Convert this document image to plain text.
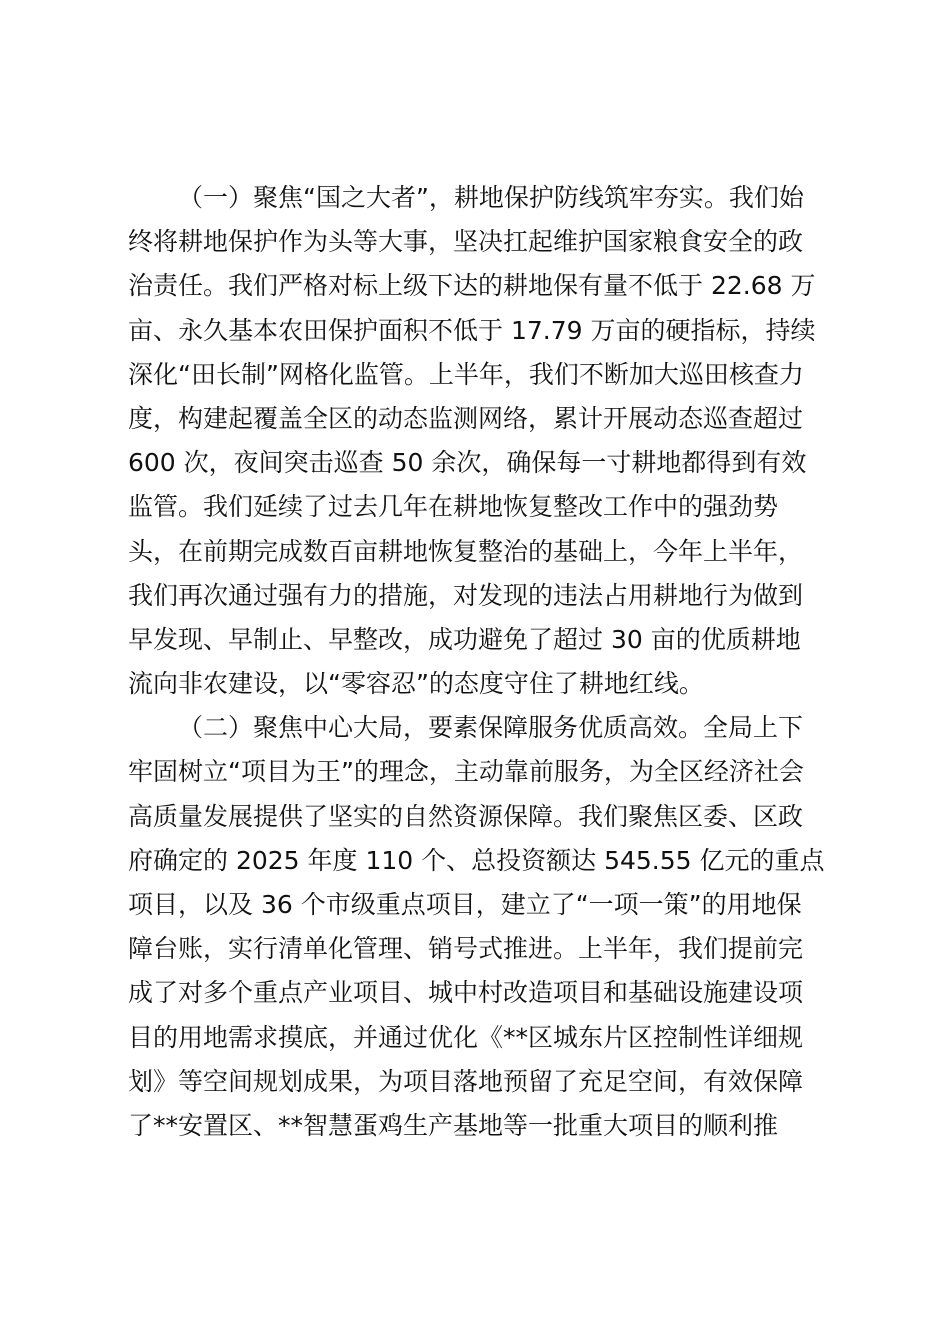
（一）聚焦“国之大者”，耕地保护防线筑牢夯实。我们始
终将耕地保护作为头等大事，坚决扛起维护国家粮食安全的政
治责任。我们严格对标上级下达的耕地保有量不低于 22.68 万
亩、永久基本农田保护面积不低于 17.79 万亩的硬指标，持续
深化“田长制”网格化监管。上半年，我们不断加大巡田核查力
度，构建起覆盖全区的动态监测网络，累计开展动态巡查超过
600 次，夜间突击巡查 50 余次，确保每一寸耕地都得到有效
监管。我们延续了过去几年在耕地恢复整改工作中的强劲势
头，在前期完成数百亩耕地恢复整治的基础上，今年上半年，
我们再次通过强有力的措施，对发现的违法占用耕地行为做到
早发现、早制止、早整改，成功避免了超过 30 亩的优质耕地
流向非农建设，以“零容忍”的态度守住了耕地红线。
（二）聚焦中心大局，要素保障服务优质高效。全局上下
牢固树立“项目为王”的理念，主动靠前服务，为全区经济社会
高质量发展提供了坚实的自然资源保障。我们聚焦区委、区政
府确定的 2025 年度 110 个、总投资额达 545.55 亿元的重点
项目，以及 36 个市级重点项目，建立了“一项一策”的用地保
障台账，实行清单化管理、销号式推进。上半年，我们提前完
成了对多个重点产业项目、城中村改造项目和基础设施建设项
目的用地需求摸底，并通过优化《**区城东片区控制性详细规
划》等空间规划成果，为项目落地预留了充足空间，有效保障
了**安置区、**智慧蛋鸡生产基地等一批重大项目的顺利推
